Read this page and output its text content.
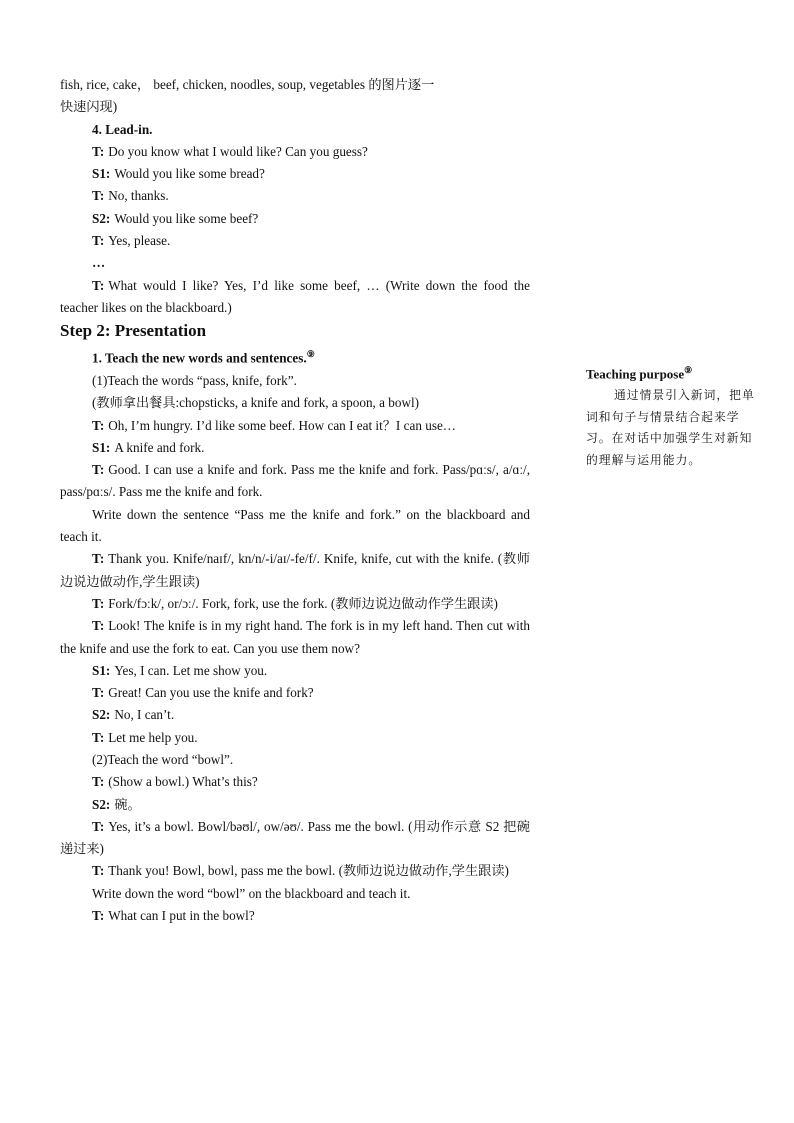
fish, rice, cake， beef, chicken, noodles, soup, vegetables 的图片逐一

快速闪现)

4. Lead-in.

T: Do you know what I would like? Can you guess?

S1: Would you like some bread?

T: No, thanks.

S2: Would you like some beef?

T: Yes, please.

…

T: What would I like? Yes, I’d like some beef, … (Write down the food the teacher likes on the blackboard.)

Step 2: Presentation

1. Teach the new words and sentences.⑨

(1)Teach the words “pass, knife, fork”.

(教师拿出餐具:chopsticks, a knife and fork, a spoon, a bowl)

T: Oh, I’m hungry. I’d like some beef. How can I eat it？I can use…

S1: A knife and fork.

T: Good. I can use a knife and fork. Pass me the knife and fork. Pass/pɑːs/, a/ɑː/, pass/pɑːs/. Pass me the knife and fork.

Write down the sentence “Pass me the knife and fork.” on the blackboard and teach it.

T: Thank you. Knife/naɪf/, kn/n/-i/aɪ/-fe/f/. Knife, knife, cut with the knife. (教师边说边做动作,学生跟读)

T: Fork/fɔːk/, or/ɔː/. Fork, fork, use the fork. (教师边说边做动作学生跟读)

T: Look! The knife is in my right hand. The fork is in my left hand. Then cut with the knife and use the fork to eat. Can you use them now?

S1: Yes, I can. Let me show you.

T: Great! Can you use the knife and fork?

S2: No, I can’t.

T: Let me help you.

(2)Teach the word “bowl”.

T: (Show a bowl.) What’s this?

S2: 碗。

T: Yes, it’s a bowl. Bowl/bəʊl/, ow/əʊ/. Pass me the bowl. (用动作示意 S2 把碗递过来)

T: Thank you! Bowl, bowl, pass me the bowl. (教师边说边做动作,学生跟读)

Write down the word “bowl” on the blackboard and teach it.

T: What can I put in the bowl?

Teaching purpose⑨
通过情景引入新词，把单词和句子与情景结合起来学习。在对话中加强学生对新知的理解与运用能力。
